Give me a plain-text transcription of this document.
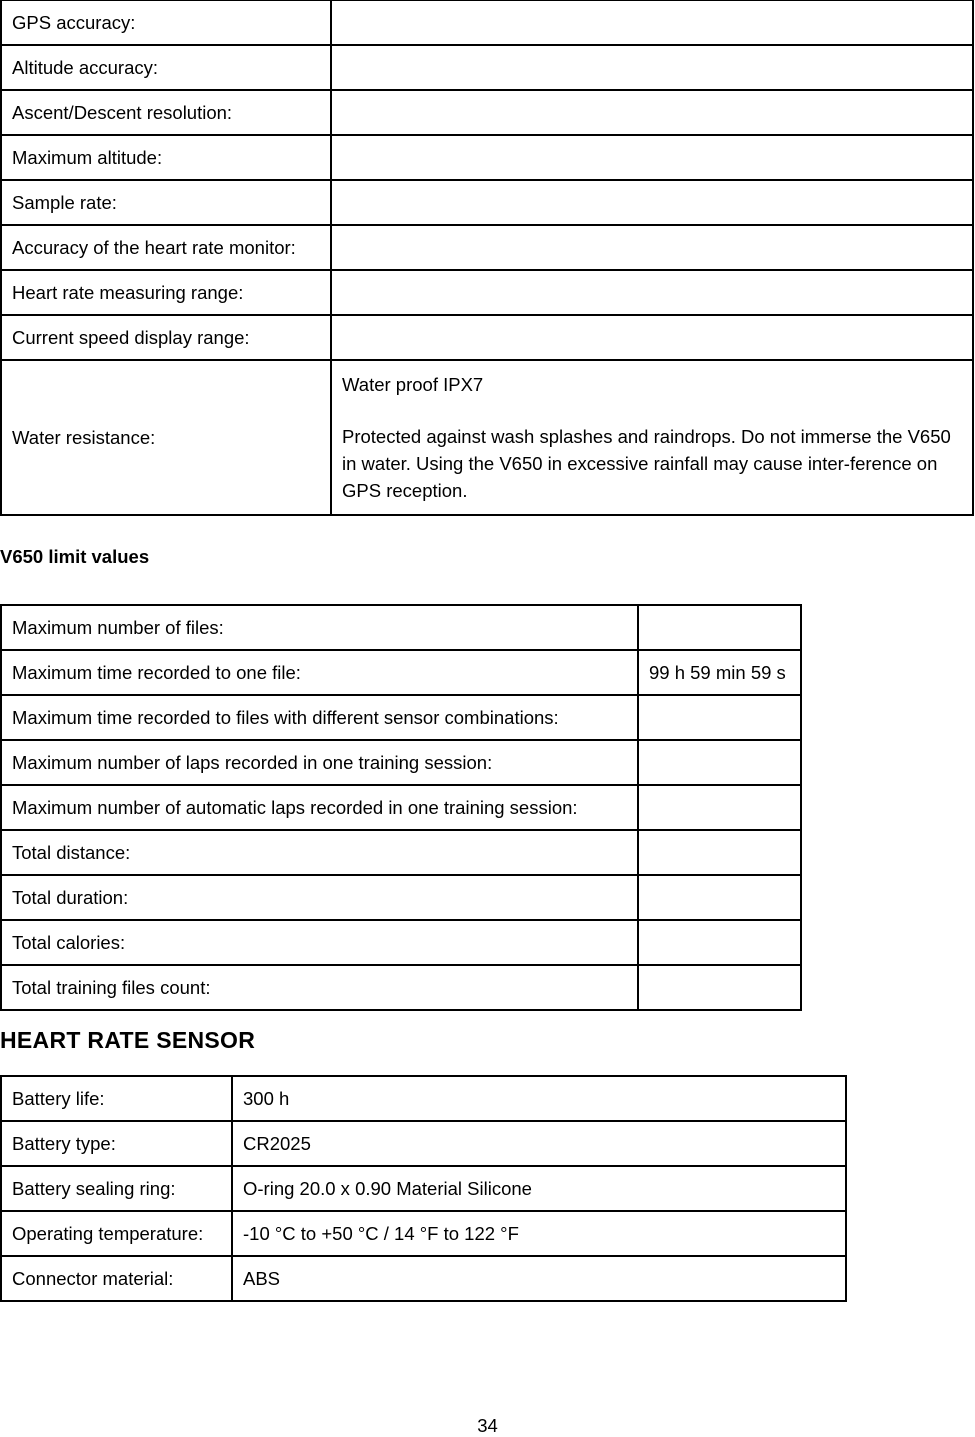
GPS accuracy:	
Altitude accuracy:	
Ascent/Descent resolution:	
Maximum altitude:	
Sample rate:	
Accuracy of the heart rate monitor:	
Heart rate measuring range:	
Current speed display range:	
Water resistance:	Water proof IPX7

Protected against wash splashes and raindrops. Do not immerse the V650 in water. Using the V650 in excessive rainfall may cause inter-ference on GPS reception.

V650 limit values
Maximum number of files:	
Maximum time recorded to one file:	99 h 59 min 59 s
Maximum time recorded to files with different sensor combinations:	
Maximum number of laps recorded in one training session:	
Maximum number of automatic laps recorded in one training session:	
Total distance:	
Total duration:	
Total calories:	
Total training files count:	
HEART RATE SENSOR
Battery life:	300 h
Battery type:	CR2025
Battery sealing ring:	O-ring 20.0 x 0.90 Material Silicone
Operating temperature:	-10 °C to +50 °C / 14 °F to 122 °F
Connector material:	ABS
34
